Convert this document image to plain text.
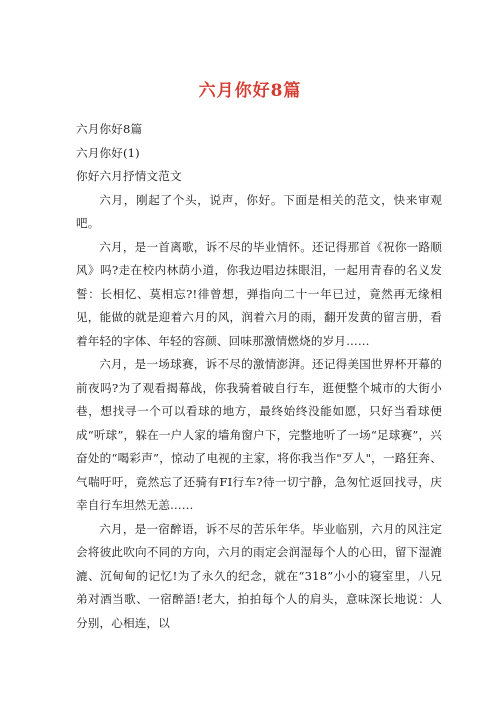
六月你好8篇

六月你好8篇

六月你好(1)

你好六月抒情文范文

六月，刚起了个头，说声，你好。下面是相关的范文，快来审观吧。

六月，是一首离歌，诉不尽的毕业情怀。还记得那首《祝你一路顺风》吗?走在校内林荫小道，你我边唱边抹眼泪，一起用青春的名义发誓：长相忆、莫相忘?!徘曾想，弹指向二十一年已过，竟然再无缘相见，能做的就是迎着六月的风，润着六月的雨，翻开发黄的留言册，看着年轻的字体、年轻的容颜、回味那激情燃烧的岁月……

六月，是一场球赛，诉不尽的激情澎湃。还记得美国世界杯开幕的前夜吗?为了观看揭幕战，你我骑着破自行车，逛便整个城市的大街小巷，想找寻一个可以看球的地方，最终始终没能如愿，只好当看球便成“听球”，躲在一户人家的墙角窗户下，完整地听了一场“足球赛”，兴奋处的“喝彩声”，惊动了电视的主家，将你我当作"歹人"，一路狂奔、气喘吁吁，竟然忘了还骑有FI行车?待一切宁静，急匆忙返回找寻，庆幸自行车坦然无恙……

六月，是一宿醉语，诉不尽的苦乐年华。毕业临别，六月的风注定会将彼此吹向不同的方向，六月的雨定会润湿每个人的心田，留下湿漉漉、沉甸甸的记忆!为了永久的纪念，就在“318”小小的寝室里，八兄弟对酒当歌、一宿醉語!老大，拍拍每个人的肩头，意味深长地说：人分别，心相连，以
